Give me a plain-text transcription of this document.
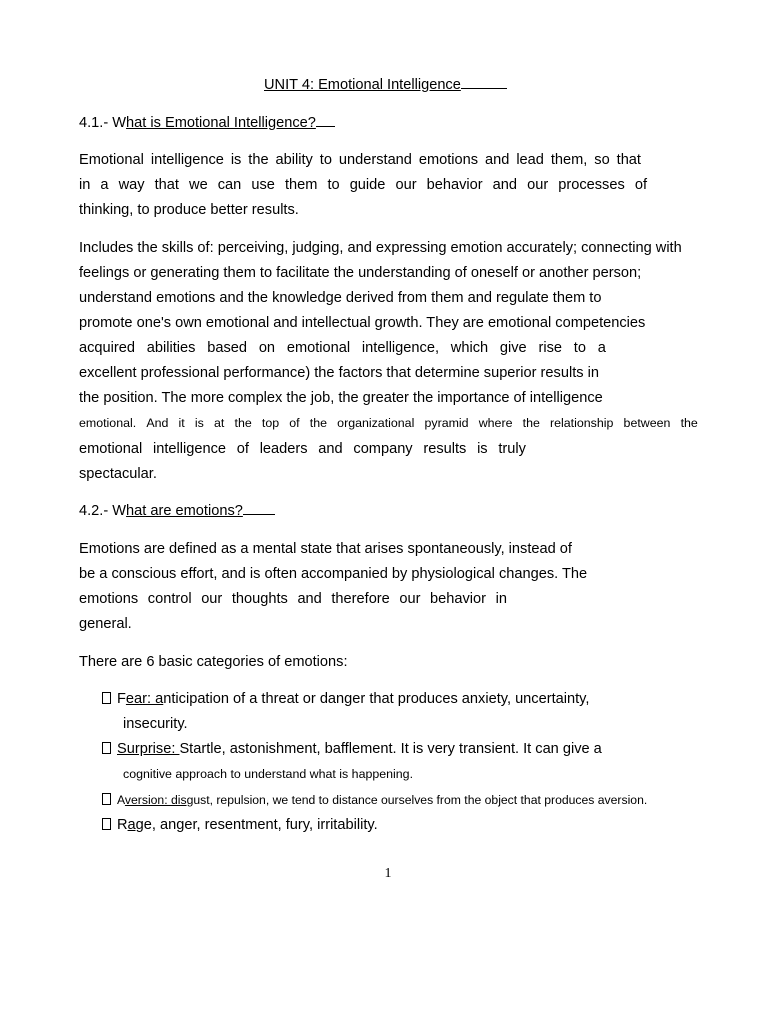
UNIT 4: Emotional Intelligence
4.1.- What is Emotional Intelligence?
Emotional intelligence is the ability to understand emotions and lead them, so that
in a way that we can use them to guide our behavior and our processes of
thinking, to produce better results.
Includes the skills of: perceiving, judging, and expressing emotion accurately; connecting with
feelings or generating them to facilitate the understanding of oneself or another person;
understand emotions and the knowledge derived from them and regulate them to
promote one's own emotional and intellectual growth. They are emotional competencies
acquired abilities based on emotional intelligence, which give rise to a
excellent professional performance) the factors that determine superior results in
the position. The more complex the job, the greater the importance of intelligence
emotional. And it is at the top of the organizational pyramid where the relationship between the
emotional intelligence of leaders and company results is truly
spectacular.
4.2.- What are emotions?
Emotions are defined as a mental state that arises spontaneously, instead of
be a conscious effort, and is often accompanied by physiological changes. The
emotions control our thoughts and therefore our behavior in
general.
There are 6 basic categories of emotions:
Fear: anticipation of a threat or danger that produces anxiety, uncertainty,
insecurity.
Surprise: Startle, astonishment, bafflement. It is very transient. It can give a
cognitive approach to understand what is happening.
Aversion: disgust, repulsion, we tend to distance ourselves from the object that produces aversion.
Rage, anger, resentment, fury, irritability.
1
